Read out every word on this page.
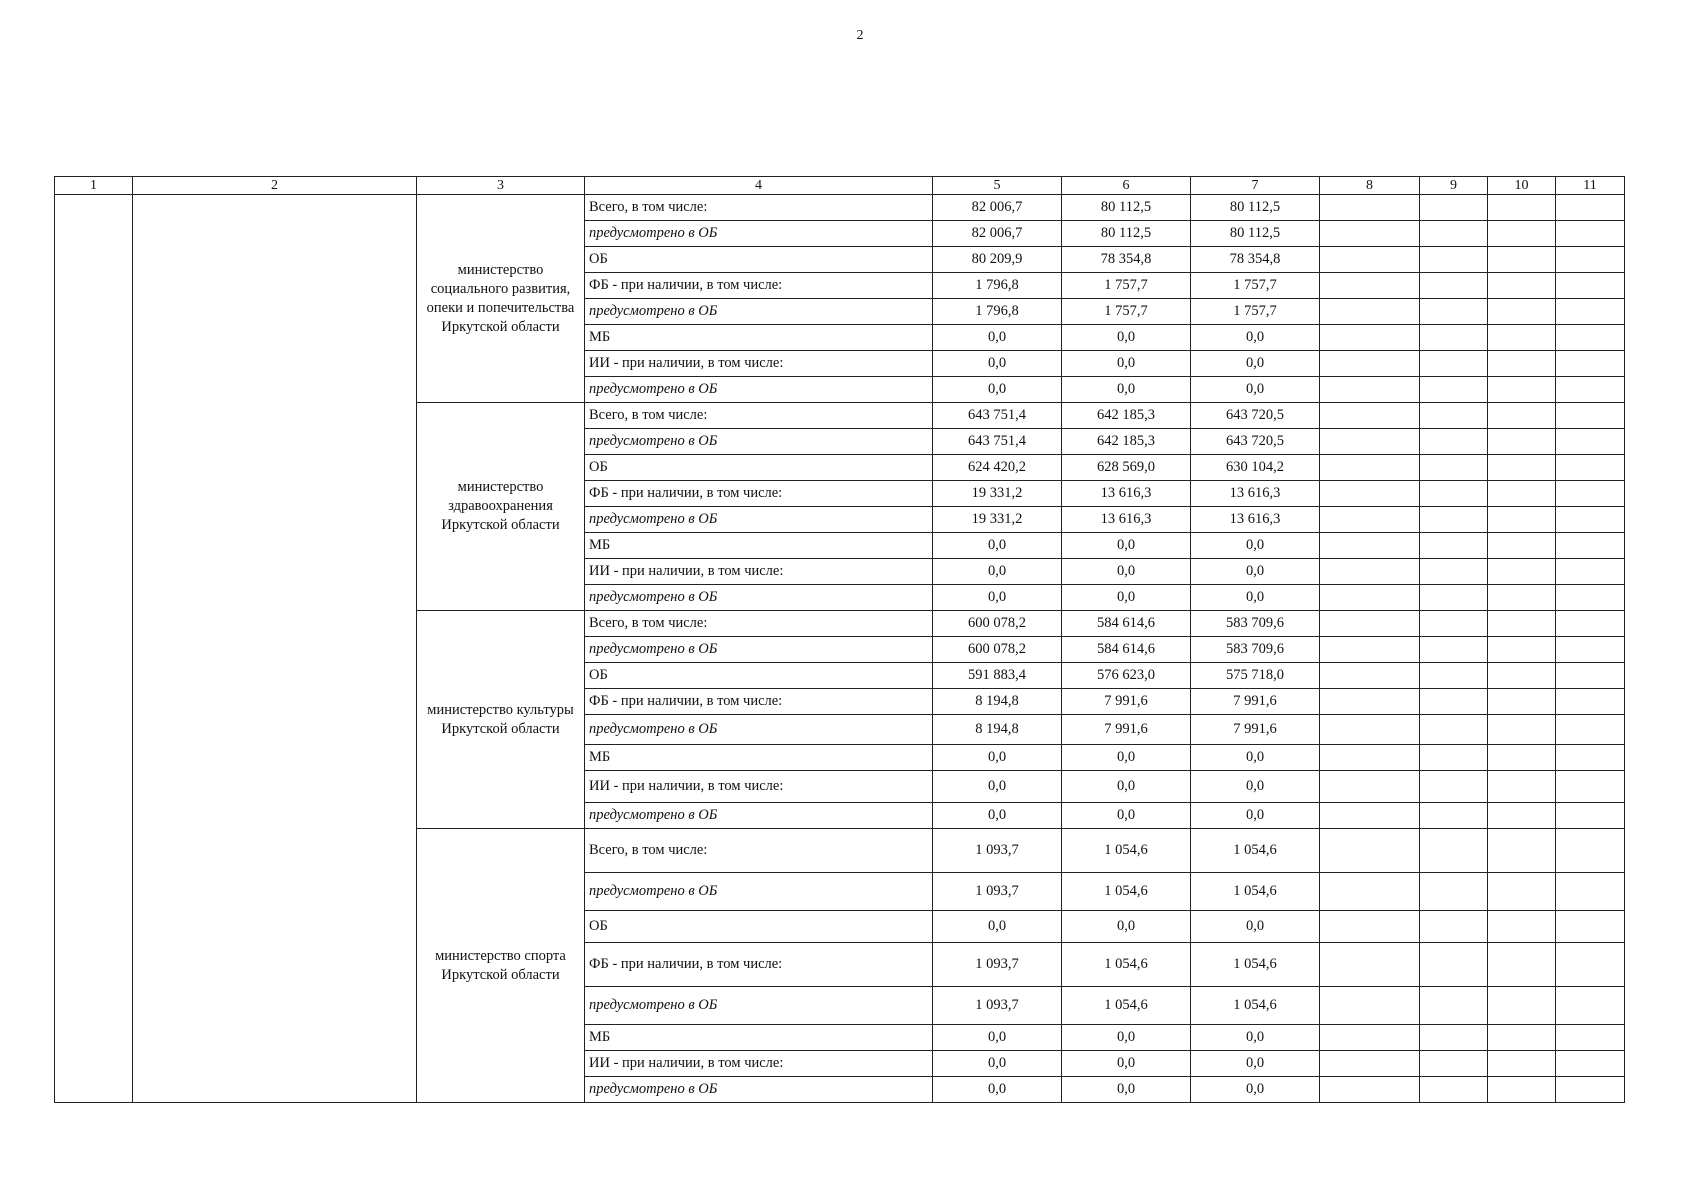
2
1	2	3	4	5	6	7	8	9	10	11
		министерство социального развития, опеки и попечительства Иркутской области	Всего, в том числе:	82 006,7	80 112,5	80 112,5				
			предусмотрено в ОБ	82 006,7	80 112,5	80 112,5				
			ОБ	80 209,9	78 354,8	78 354,8				
			ФБ - при наличии, в том числе:	1 796,8	1 757,7	1 757,7				
			предусмотрено в ОБ	1 796,8	1 757,7	1 757,7				
			МБ	0,0	0,0	0,0				
			ИИ - при наличии, в том числе:	0,0	0,0	0,0				
			предусмотрено в ОБ	0,0	0,0	0,0				
		министерство здравоохранения Иркутской области	Всего, в том числе:	643 751,4	642 185,3	643 720,5				
			предусмотрено в ОБ	643 751,4	642 185,3	643 720,5				
			ОБ	624 420,2	628 569,0	630 104,2				
			ФБ - при наличии, в том числе:	19 331,2	13 616,3	13 616,3				
			предусмотрено в ОБ	19 331,2	13 616,3	13 616,3				
			МБ	0,0	0,0	0,0				
			ИИ - при наличии, в том числе:	0,0	0,0	0,0				
			предусмотрено в ОБ	0,0	0,0	0,0				
		министерство культуры Иркутской области	Всего, в том числе:	600 078,2	584 614,6	583 709,6				
			предусмотрено в ОБ	600 078,2	584 614,6	583 709,6				
			ОБ	591 883,4	576 623,0	575 718,0				
			ФБ - при наличии, в том числе:	8 194,8	7 991,6	7 991,6				
			предусмотрено в ОБ	8 194,8	7 991,6	7 991,6				
			МБ	0,0	0,0	0,0				
			ИИ - при наличии, в том числе:	0,0	0,0	0,0				
			предусмотрено в ОБ	0,0	0,0	0,0				
		министерство спорта Иркутской области	Всего, в том числе:	1 093,7	1 054,6	1 054,6				
			предусмотрено в ОБ	1 093,7	1 054,6	1 054,6				
			ОБ	0,0	0,0	0,0				
			ФБ - при наличии, в том числе:	1 093,7	1 054,6	1 054,6				
			предусмотрено в ОБ	1 093,7	1 054,6	1 054,6				
			МБ	0,0	0,0	0,0				
			ИИ - при наличии, в том числе:	0,0	0,0	0,0				
			предусмотрено в ОБ	0,0	0,0	0,0				
